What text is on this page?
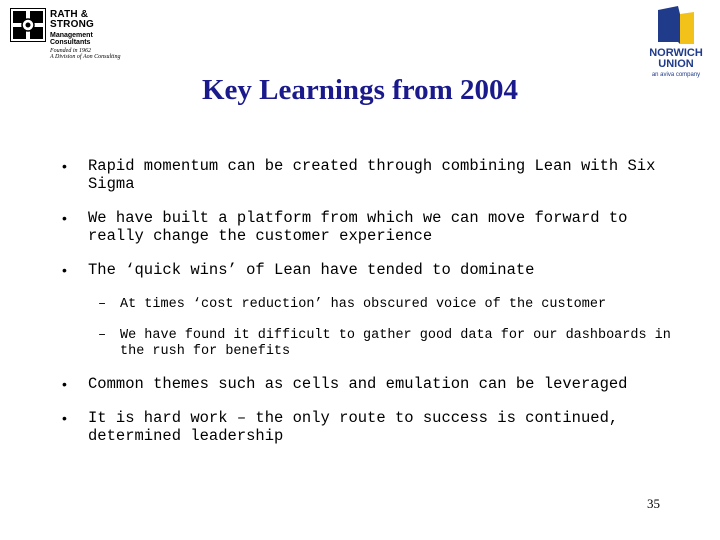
RATH & STRONG
Management Consultants
Founded in 1962
A Division of Aon Consulting	NORWICH
UNION
an aviva company
Key Learnings from 2004
• Rapid momentum can be created through combining Lean with Six Sigma
• We have built a platform from which we can move forward to really change the customer experience
• The ‘quick wins’ of Lean have tended to dominate
– At times ‘cost reduction’ has obscured voice of the customer
– We have found it difficult to gather good data for our dashboards in the rush for benefits
• Common themes such as cells and emulation can be leveraged
• It is hard work – the only route to success is continued, determined leadership
35
